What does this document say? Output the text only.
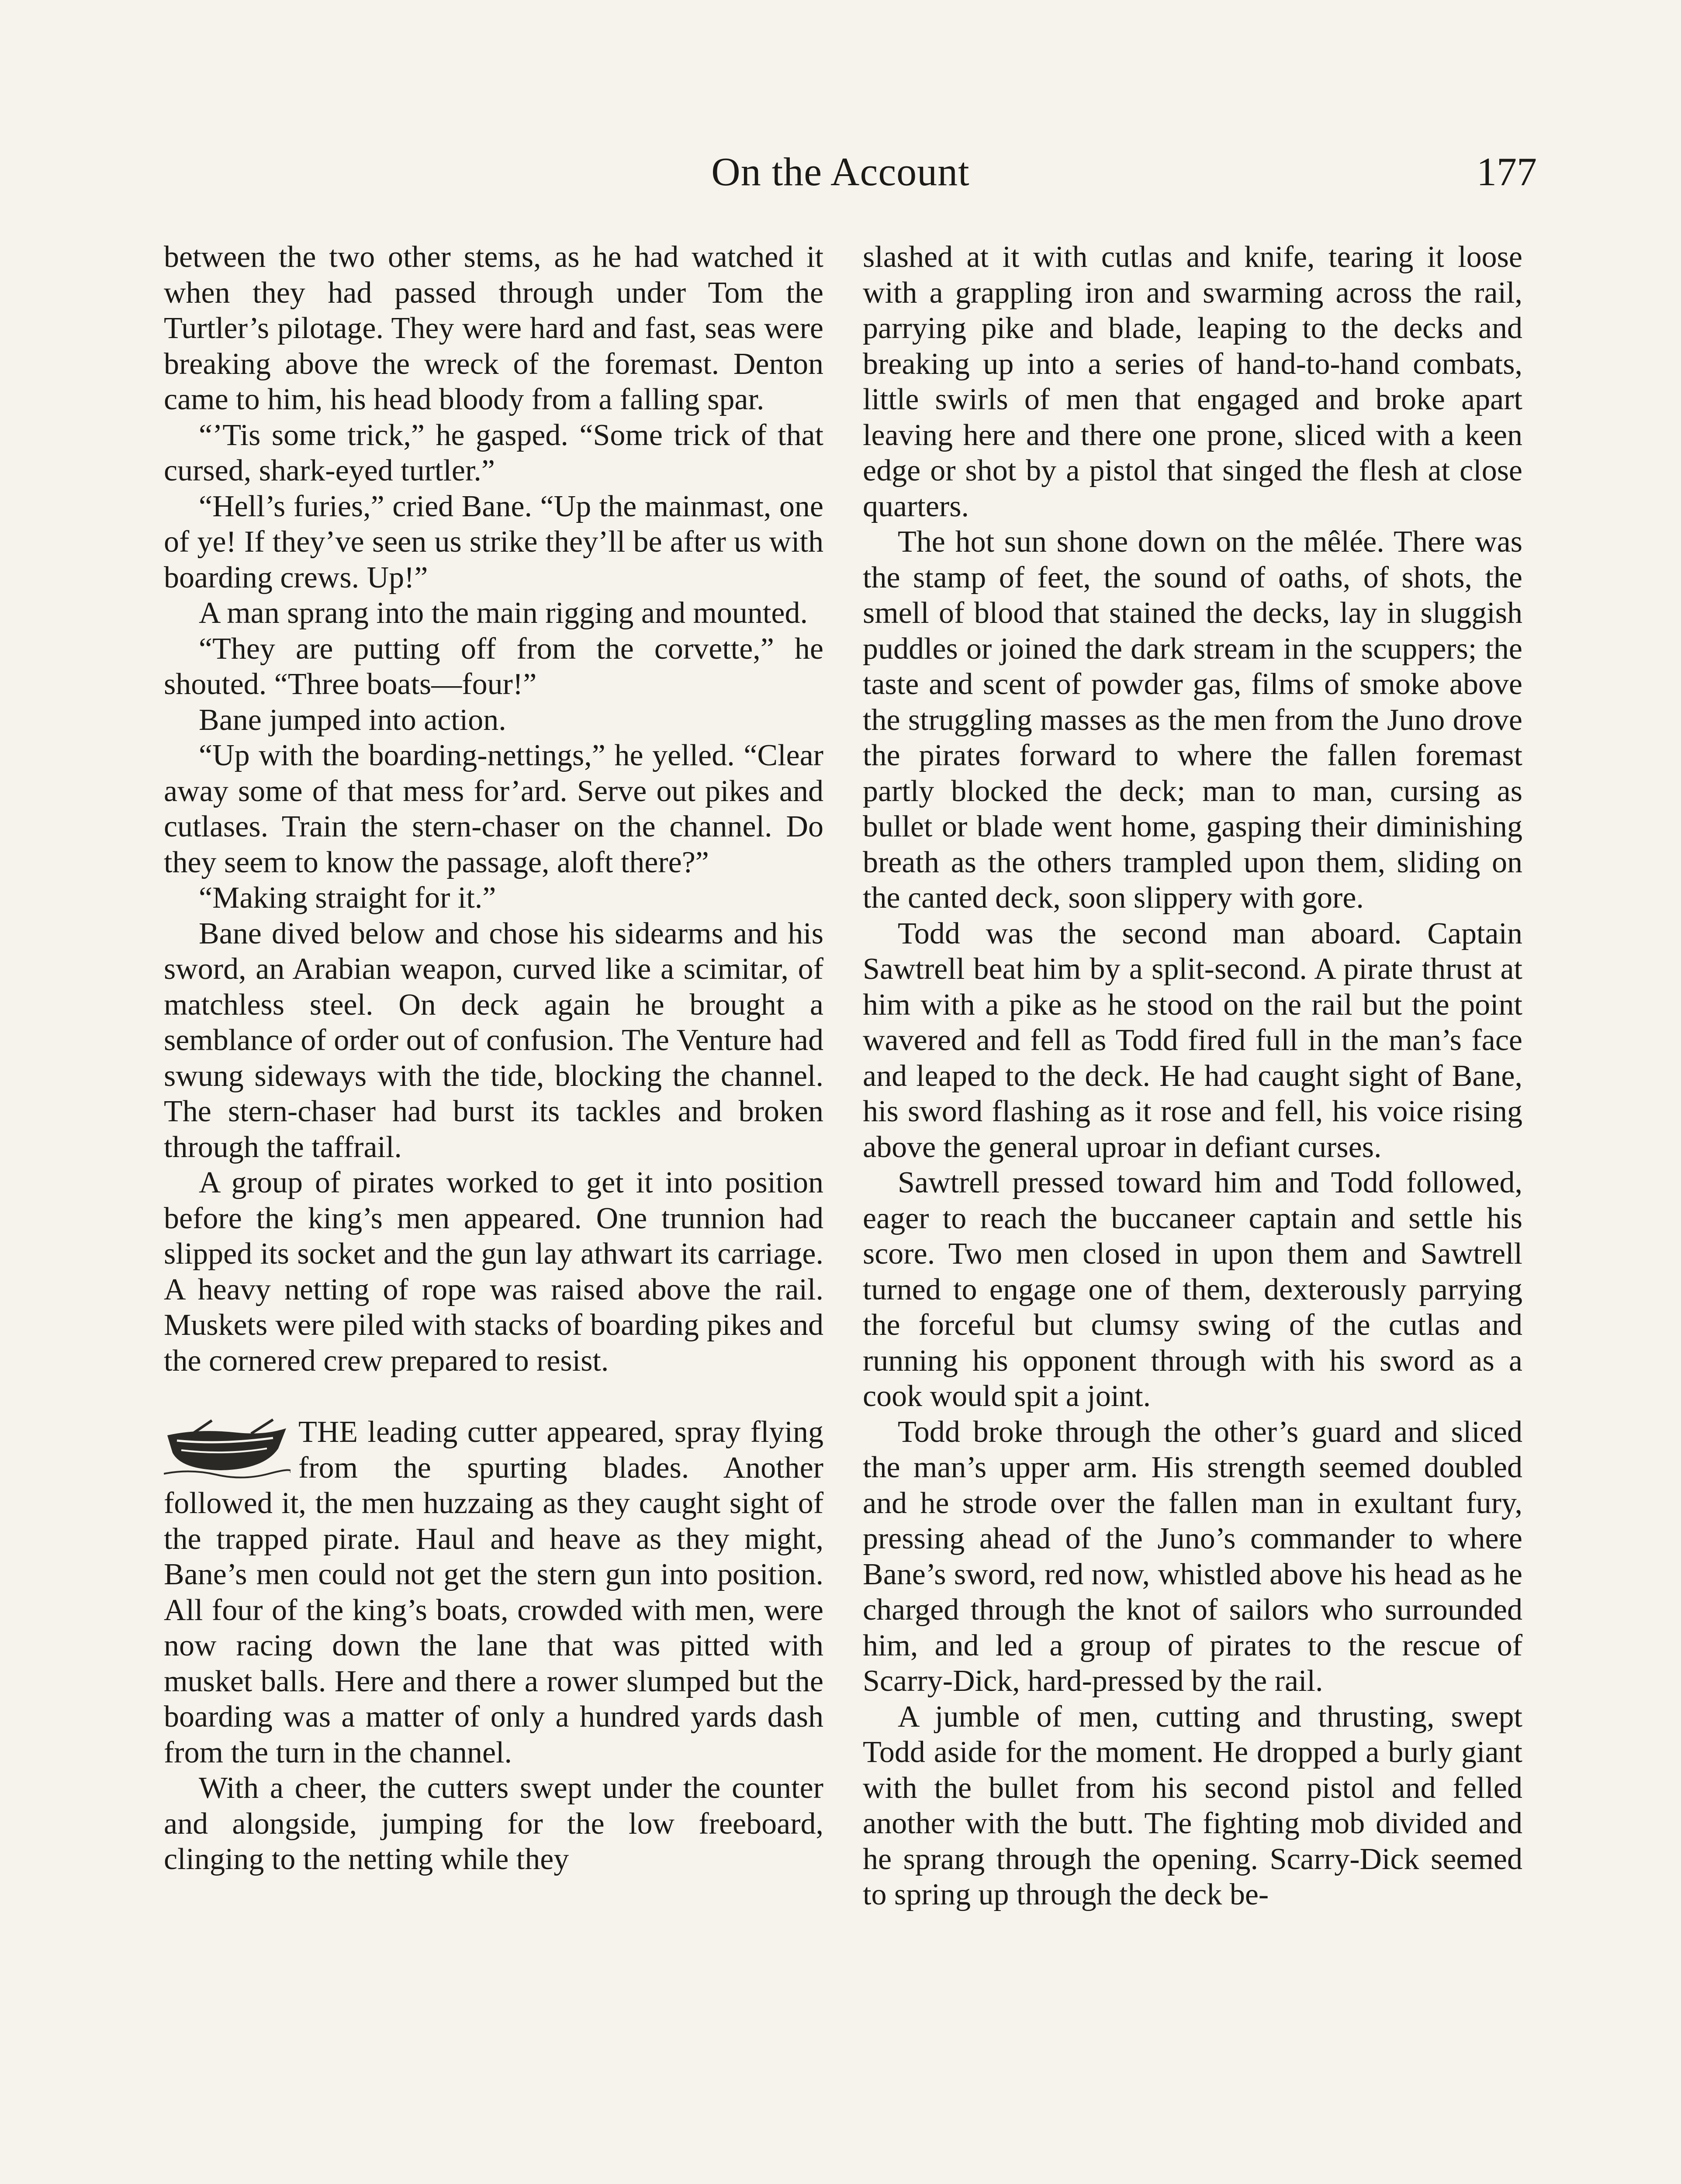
On the Account	177

between the two other stems, as he had watched it when they had passed through under Tom the Turtler’s pilotage. They were hard and fast, seas were breaking above the wreck of the foremast. Denton came to him, his head bloody from a falling spar.

“’Tis some trick,” he gasped. “Some trick of that cursed, shark-eyed turtler.”

“Hell’s furies,” cried Bane. “Up the mainmast, one of ye! If they’ve seen us strike they’ll be after us with boarding crews. Up!”

A man sprang into the main rigging and mounted.

“They are putting off from the corvette,” he shouted. “Three boats—four!”

Bane jumped into action.

“Up with the boarding-nettings,” he yelled. “Clear away some of that mess for’ard. Serve out pikes and cutlases. Train the stern-chaser on the channel. Do they seem to know the passage, aloft there?”

“Making straight for it.”

Bane dived below and chose his sidearms and his sword, an Arabian weapon, curved like a scimitar, of matchless steel. On deck again he brought a semblance of order out of confusion. The Venture had swung sideways with the tide, blocking the channel. The stern-chaser had burst its tackles and broken through the taffrail.

A group of pirates worked to get it into position before the king’s men appeared. One trunnion had slipped its socket and the gun lay athwart its carriage. A heavy netting of rope was raised above the rail. Muskets were piled with stacks of boarding pikes and the cornered crew prepared to resist.

THE leading cutter appeared, spray flying from the spurting blades. Another followed it, the men huzzaing as they caught sight of the trapped pirate. Haul and heave as they might, Bane’s men could not get the stern gun into position. All four of the king’s boats, crowded with men, were now racing down the lane that was pitted with musket balls. Here and there a rower slumped but the boarding was a matter of only a hundred yards dash from the turn in the channel.

With a cheer, the cutters swept under the counter and alongside, jumping for the low freeboard, clinging to the netting while they

slashed at it with cutlas and knife, tearing it loose with a grappling iron and swarming across the rail, parrying pike and blade, leaping to the decks and breaking up into a series of hand-to-hand combats, little swirls of men that engaged and broke apart leaving here and there one prone, sliced with a keen edge or shot by a pistol that singed the flesh at close quarters.

The hot sun shone down on the mêlée. There was the stamp of feet, the sound of oaths, of shots, the smell of blood that stained the decks, lay in sluggish puddles or joined the dark stream in the scuppers; the taste and scent of powder gas, films of smoke above the struggling masses as the men from the Juno drove the pirates forward to where the fallen foremast partly blocked the deck; man to man, cursing as bullet or blade went home, gasping their diminishing breath as the others trampled upon them, sliding on the canted deck, soon slippery with gore.

Todd was the second man aboard. Captain Sawtrell beat him by a split-second. A pirate thrust at him with a pike as he stood on the rail but the point wavered and fell as Todd fired full in the man’s face and leaped to the deck. He had caught sight of Bane, his sword flashing as it rose and fell, his voice rising above the general uproar in defiant curses.

Sawtrell pressed toward him and Todd followed, eager to reach the buccaneer captain and settle his score. Two men closed in upon them and Sawtrell turned to engage one of them, dexterously parrying the forceful but clumsy swing of the cutlas and running his opponent through with his sword as a cook would spit a joint.

Todd broke through the other’s guard and sliced the man’s upper arm. His strength seemed doubled and he strode over the fallen man in exultant fury, pressing ahead of the Juno’s commander to where Bane’s sword, red now, whistled above his head as he charged through the knot of sailors who surrounded him, and led a group of pirates to the rescue of Scarry-Dick, hard-pressed by the rail.

A jumble of men, cutting and thrusting, swept Todd aside for the moment. He dropped a burly giant with the bullet from his second pistol and felled another with the butt. The fighting mob divided and he sprang through the opening. Scarry-Dick seemed to spring up through the deck be-
